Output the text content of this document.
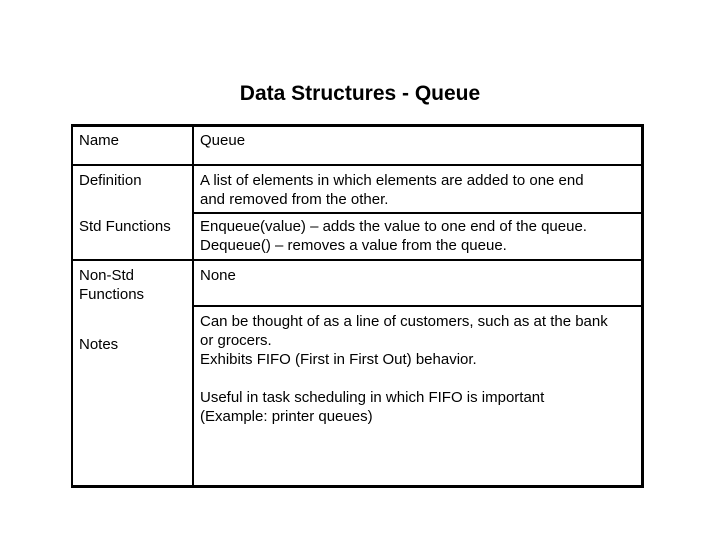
Data Structures - Queue
Name	Queue
Definition	A list of elements in which elements are added to one end
and removed from the other.
Std Functions Enqueue(value) – adds the value to one end of the queue.
Dequeue() – removes a value from the queue.
Non-Std
Functions
None
Notes
Can be thought of as a line of customers, such as at the bank
or grocers.
Exhibits FIFO (First in First Out) behavior.

Useful in task scheduling in which FIFO is important
(Example: printer queues)
